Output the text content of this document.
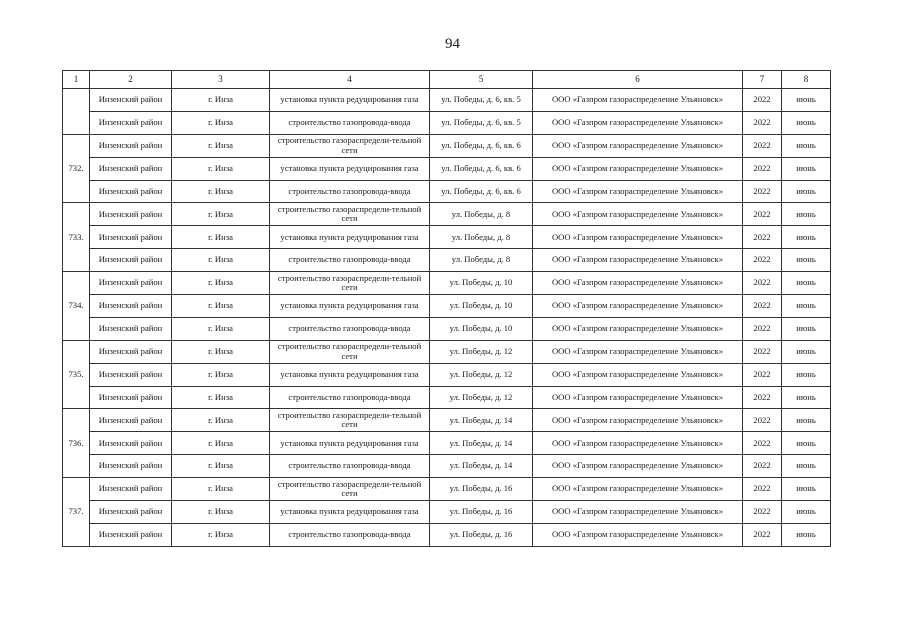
94
1	2	3	4	5	6	7	8
	Инзенский район	г. Инза	установка пункта редуцирования газа	ул. Победы, д. 6, кв. 5	ООО «Газпром газораспределение Ульяновск»	2022	июнь
	Инзенский район	г. Инза	строительство газопровода-ввода	ул. Победы, д. 6, кв. 5	ООО «Газпром газораспределение Ульяновск»	2022	июнь
732.	Инзенский район	г. Инза	строительство газораспредели-тельной сети	ул. Победы, д. 6, кв. 6	ООО «Газпром газораспределение Ульяновск»	2022	июнь
	Инзенский район	г. Инза	установка пункта редуцирования газа	ул. Победы, д. 6, кв. 6	ООО «Газпром газораспределение Ульяновск»	2022	июнь
	Инзенский район	г. Инза	строительство газопровода-ввода	ул. Победы, д. 6, кв. 6	ООО «Газпром газораспределение Ульяновск»	2022	июнь
733.	Инзенский район	г. Инза	строительство газораспредели-тельной сети	ул. Победы, д. 8	ООО «Газпром газораспределение Ульяновск»	2022	июнь
	Инзенский район	г. Инза	установка пункта редуцирования газа	ул. Победы, д. 8	ООО «Газпром газораспределение Ульяновск»	2022	июнь
	Инзенский район	г. Инза	строительство газопровода-ввода	ул. Победы, д. 8	ООО «Газпром газораспределение Ульяновск»	2022	июнь
734.	Инзенский район	г. Инза	строительство газораспредели-тельной сети	ул. Победы, д. 10	ООО «Газпром газораспределение Ульяновск»	2022	июнь
	Инзенский район	г. Инза	установка пункта редуцирования газа	ул. Победы, д. 10	ООО «Газпром газораспределение Ульяновск»	2022	июнь
	Инзенский район	г. Инза	строительство газопровода-ввода	ул. Победы, д. 10	ООО «Газпром газораспределение Ульяновск»	2022	июнь
735.	Инзенский район	г. Инза	строительство газораспредели-тельной сети	ул. Победы, д. 12	ООО «Газпром газораспределение Ульяновск»	2022	июнь
	Инзенский район	г. Инза	установка пункта редуцирования газа	ул. Победы, д. 12	ООО «Газпром газораспределение Ульяновск»	2022	июнь
	Инзенский район	г. Инза	строительство газопровода-ввода	ул. Победы, д. 12	ООО «Газпром газораспределение Ульяновск»	2022	июнь
736.	Инзенский район	г. Инза	строительство газораспредели-тельной сети	ул. Победы, д. 14	ООО «Газпром газораспределение Ульяновск»	2022	июнь
	Инзенский район	г. Инза	установка пункта редуцирования газа	ул. Победы, д. 14	ООО «Газпром газораспределение Ульяновск»	2022	июнь
	Инзенский район	г. Инза	строительство газопровода-ввода	ул. Победы, д. 14	ООО «Газпром газораспределение Ульяновск»	2022	июнь
737.	Инзенский район	г. Инза	строительство газораспредели-тельной сети	ул. Победы, д. 16	ООО «Газпром газораспределение Ульяновск»	2022	июнь
	Инзенский район	г. Инза	установка пункта редуцирования газа	ул. Победы, д. 16	ООО «Газпром газораспределение Ульяновск»	2022	июнь
	Инзенский район	г. Инза	строительство газопровода-ввода	ул. Победы, д. 16	ООО «Газпром газораспределение Ульяновск»	2022	июнь
